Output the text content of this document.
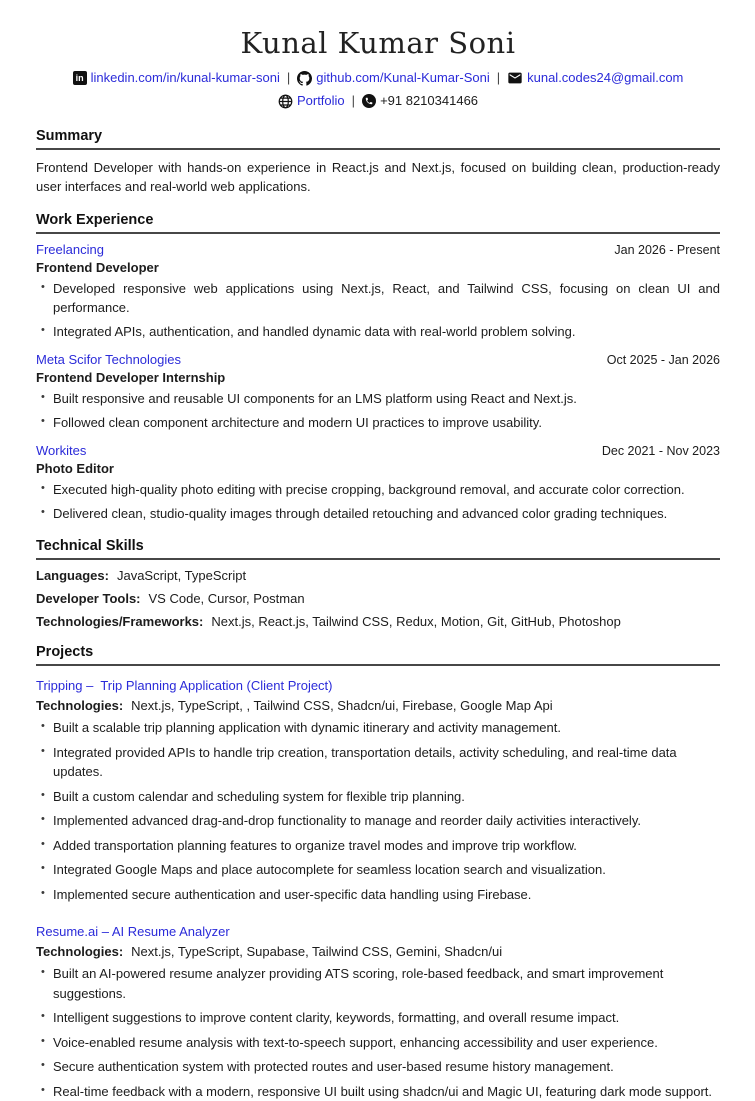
Kunal Kumar Soni
in linkedin.com/in/kunal-kumar-soni | github.com/Kunal-Kumar-Soni | kunal.codes24@gmail.com
Portfolio | +91 8210341466
Summary

Frontend Developer with hands-on experience in React.js and Next.js, focused on building clean, production-ready user interfaces and real-world web applications.

Work Experience
Freelancing	Jan 2026 - Present
Frontend Developer
• Developed responsive web applications using Next.js, React, and Tailwind CSS, focusing on clean UI and performance.
• Integrated APIs, authentication, and handled dynamic data with real-world problem solving.
Meta Scifor Technologies	Oct 2025 - Jan 2026
Frontend Developer Internship
• Built responsive and reusable UI components for an LMS platform using React and Next.js.
• Followed clean component architecture and modern UI practices to improve usability.
Workites	Dec 2021 - Nov 2023
Photo Editor
• Executed high-quality photo editing with precise cropping, background removal, and accurate color correction.
• Delivered clean, studio-quality images through detailed retouching and advanced color grading techniques.
Technical Skills

Languages: JavaScript, TypeScript

Developer Tools: VS Code, Cursor, Postman

Technologies/Frameworks: Next.js, React.js, Tailwind CSS, Redux, Motion, Git, GitHub, Photoshop

Projects
Tripping –  Trip Planning Application (Client Project)
Technologies: Next.js, TypeScript, , Tailwind CSS, Shadcn/ui, Firebase, Google Map Api
• Built a scalable trip planning application with dynamic itinerary and activity management.
• Integrated provided APIs to handle trip creation, transportation details, activity scheduling, and real-time data updates.
• Built a custom calendar and scheduling system for flexible trip planning.
• Implemented advanced drag-and-drop functionality to manage and reorder daily activities interactively.
• Added transportation planning features to organize travel modes and improve trip workflow.
• Integrated Google Maps and place autocomplete for seamless location search and visualization.
• Implemented secure authentication and user-specific data handling using Firebase.
Resume.ai – AI Resume Analyzer
Technologies: Next.js, TypeScript, Supabase, Tailwind CSS, Gemini, Shadcn/ui
• Built an AI-powered resume analyzer providing ATS scoring, role-based feedback, and smart improvement suggestions.
• Intelligent suggestions to improve content clarity, keywords, formatting, and overall resume impact.
• Voice-enabled resume analysis with text-to-speech support, enhancing accessibility and user experience.
• Secure authentication system with protected routes and user-based resume history management.
• Real-time feedback with a modern, responsive UI built using shadcn/ui and Magic UI, featuring dark mode support.
